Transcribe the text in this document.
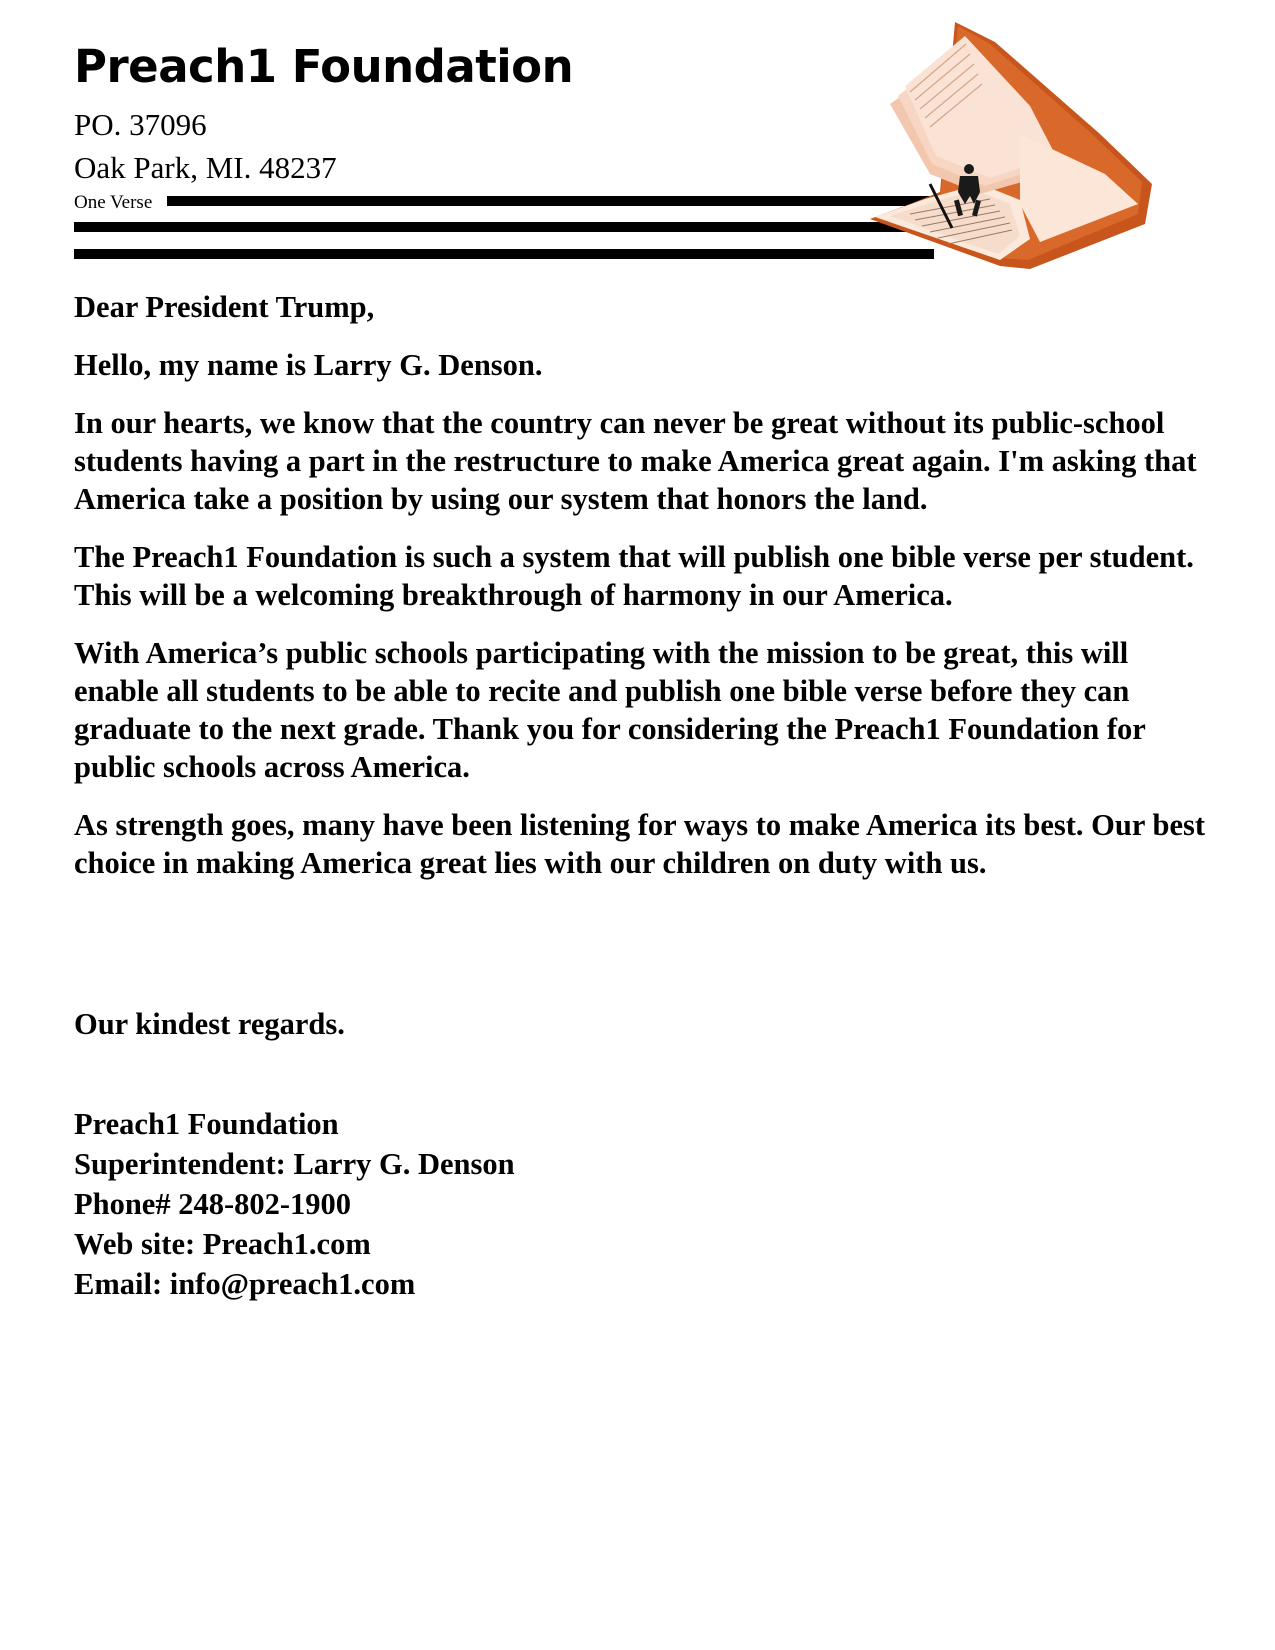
Preach1 Foundation
PO. 37096
Oak Park, MI. 48237
One Verse

Dear President Trump,

Hello, my name is Larry G. Denson.

In our hearts, we know that the country can never be great without its public-school students having a part in the restructure to make America great again. I'm asking that America take a position by using our system that honors the land.

The Preach1 Foundation is such a system that will publish one bible verse per student. This will be a welcoming breakthrough of harmony in our America.

With America’s public schools participating with the mission to be great, this will enable all students to be able to recite and publish one bible verse before they can graduate to the next grade. Thank you for considering the Preach1 Foundation for public schools across America.

As strength goes, many have been listening for ways to make America its best. Our best choice in making America great lies with our children on duty with us.

Our kindest regards.
Preach1 Foundation
Superintendent: Larry G. Denson
Phone# 248-802-1900
Web site: Preach1.com
Email: info@preach1.com
